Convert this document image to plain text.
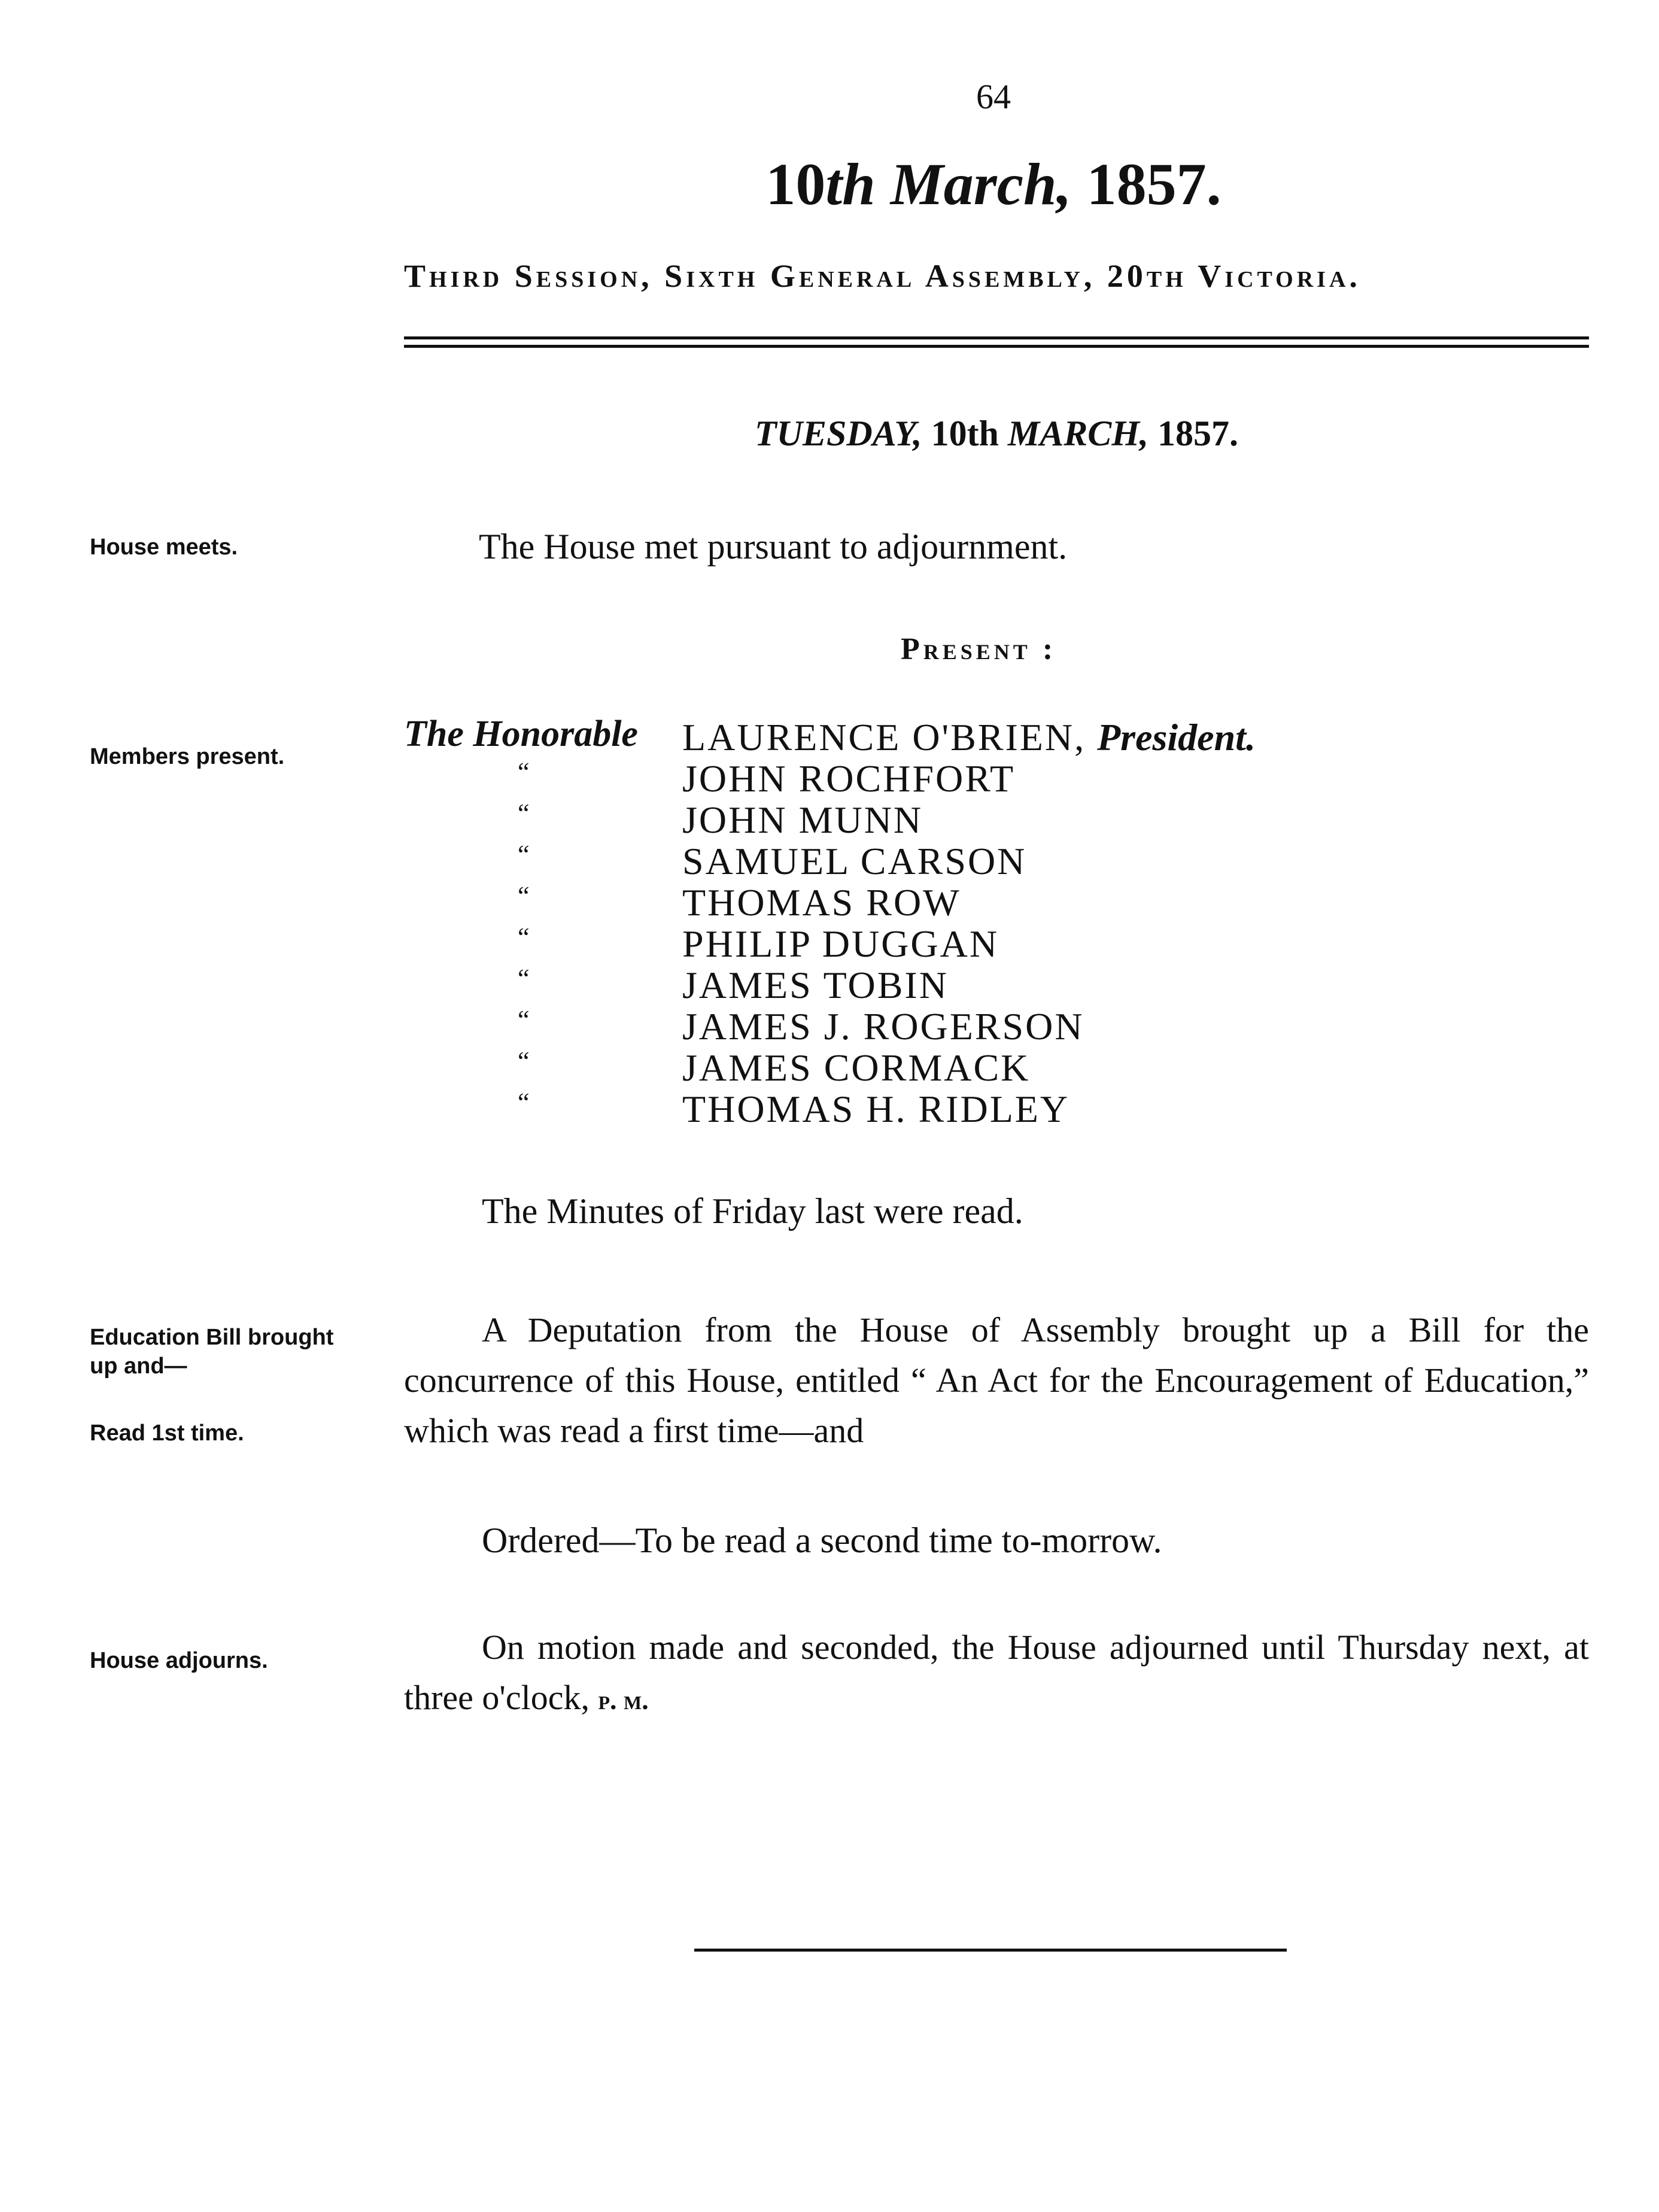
64
10th March, 1857.
Third Session, Sixth General Assembly, 20th Victoria.
TUESDAY, 10th MARCH, 1857.
House meets.	The House met pursuant to adjournment.
Present :
Members present.
The Honorable LAURENCE O'BRIEN, President.
“	JOHN ROCHFORT
“	JOHN MUNN
“	SAMUEL CARSON
“	THOMAS ROW
“	PHILIP DUGGAN
“	JAMES TOBIN
“	JAMES J. ROGERSON
“	JAMES CORMACK
“	THOMAS H. RIDLEY
The Minutes of Friday last were read.
Education Bill brought
up and—
Read 1st time.
A Deputation from the House of Assembly brought up a Bill for the concurrence of this House, entitled “ An Act for the Encouragement of Education,” which was read a first time—and
Ordered—To be read a second time to-morrow.
House adjourns.	On motion made and seconded, the House adjourned until Thursday next, at three o'clock, p. m.
